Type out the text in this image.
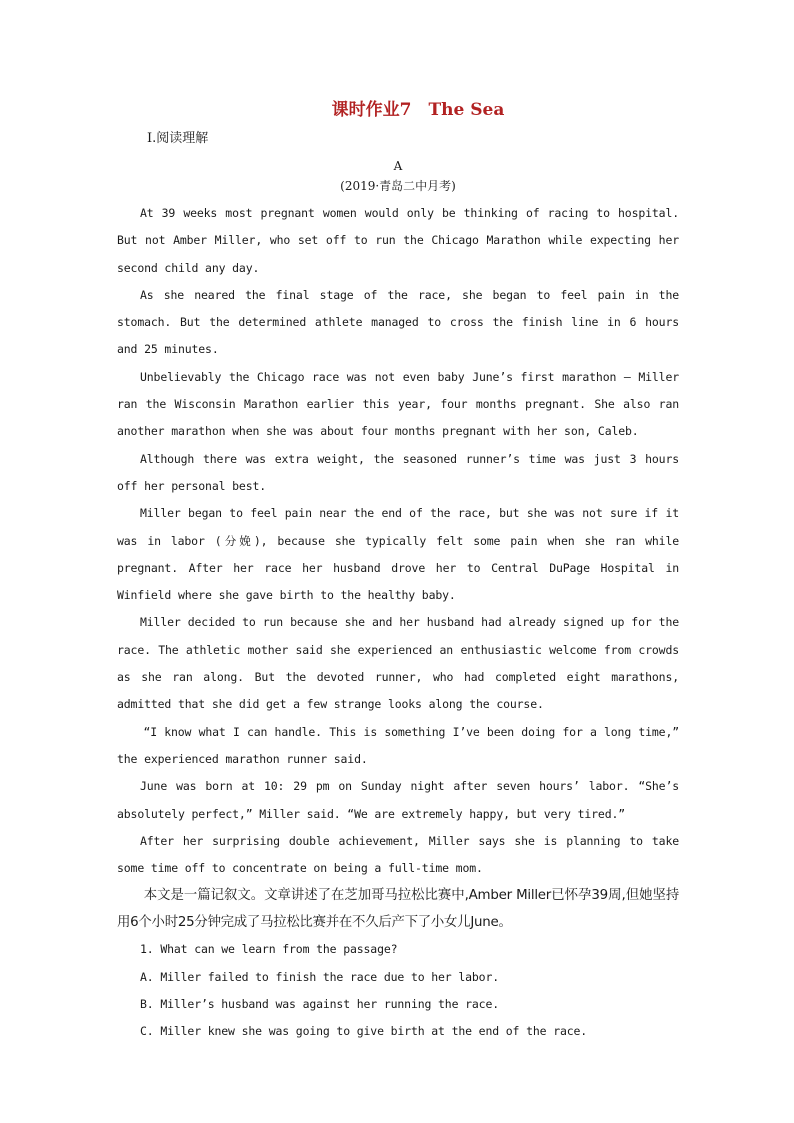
课时作业7　The Sea
Ⅰ.阅读理解
A
(2019·青岛二中月考)

At 39 weeks most pregnant women would only be thinking of racing to hospital. But not Amber Miller, who set off to run the Chicago Marathon while expecting her second child any day.

As she neared the final stage of the race, she began to feel pain in the stomach. But the determined athlete managed to cross the finish line in 6 hours and 25 minutes.

Unbelievably the Chicago race was not even baby June’s first marathon — Miller ran the Wisconsin Marathon earlier this year, four months pregnant. She also ran another marathon when she was about four months pregnant with her son, Caleb.

Although there was extra weight, the seasoned runner’s time was just 3 hours off her personal best.

Miller began to feel pain near the end of the race, but she was not sure if it was in labor (分娩), because she typically felt some pain when she ran while pregnant. After her race her husband drove her to Central DuPage Hospital in Winfield where she gave birth to the healthy baby.

Miller decided to run because she and her husband had already signed up for the race. The athletic mother said she experienced an enthusiastic welcome from crowds as she ran along. But the devoted runner, who had completed eight marathons, admitted that she did get a few strange looks along the course.

“I know what I can handle. This is something I’ve been doing for a long time,” the experienced marathon runner said.

June was born at 10: 29 pm on Sunday night after seven hours’ labor. “She’s absolutely perfect,” Miller said. “We are extremely happy, but very tired.”

After her surprising double achievement, Miller says she is planning to take some time off to concentrate on being a full-time mom.

本文是一篇记叙文。文章讲述了在芝加哥马拉松比赛中,Amber Miller已怀孕39周,但她坚持用6个小时25分钟完成了马拉松比赛并在不久后产下了小女儿June。

1. What can we learn from the passage?

A. Miller failed to finish the race due to her labor.

B. Miller’s husband was against her running the race.

C. Miller knew she was going to give birth at the end of the race.
